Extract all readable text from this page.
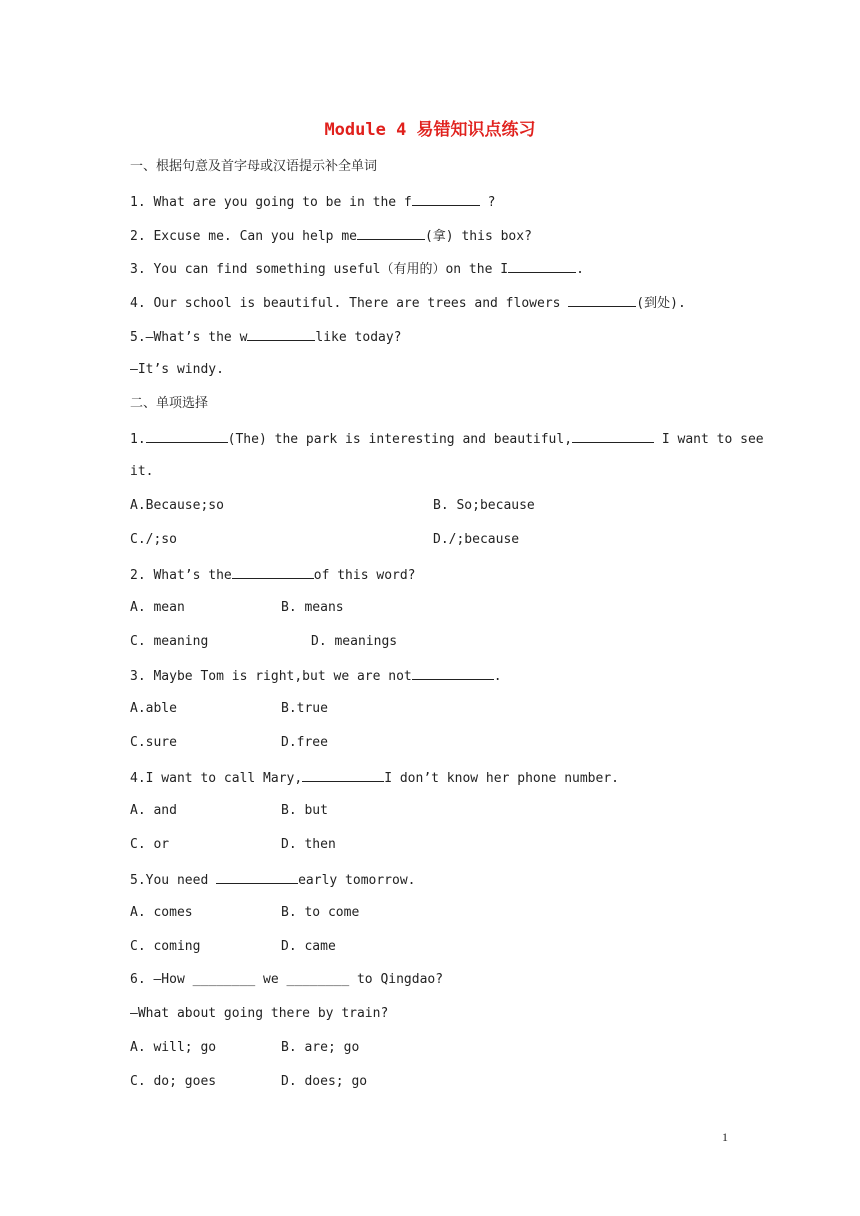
Module 4 易错知识点练习
一、根据句意及首字母或汉语提示补全单词
1. What are you going to be in the f	?
2. Excuse me. Can you help me	(拿) this box?
3. You can find something useful（有用的）on the I	.
4. Our school is beautiful. There are trees and flowers	(到处).
5.—What’s the w	like today?
—It’s windy.
二、单项选择
1.	(The) the park is interesting and beautiful,	I want to see
it.
A.Because;so	B. So;because
C./;so	D./;because
2. What’s the	of this word?
A. mean	B. means
C. meaning	D. meanings
3. Maybe Tom is right,but we are not	.
A.able	B.true
C.sure	D.free
4.I want to call Mary,	I don’t know her phone number.
A. and	B. but
C. or	D. then
5.You need	early tomorrow.
A. comes	B. to come
C. coming	D. came
6. —How ________ we ________ to Qingdao?
—What about going there by train?
A. will; go	B. are; go
C. do; goes	D. does; go
1
